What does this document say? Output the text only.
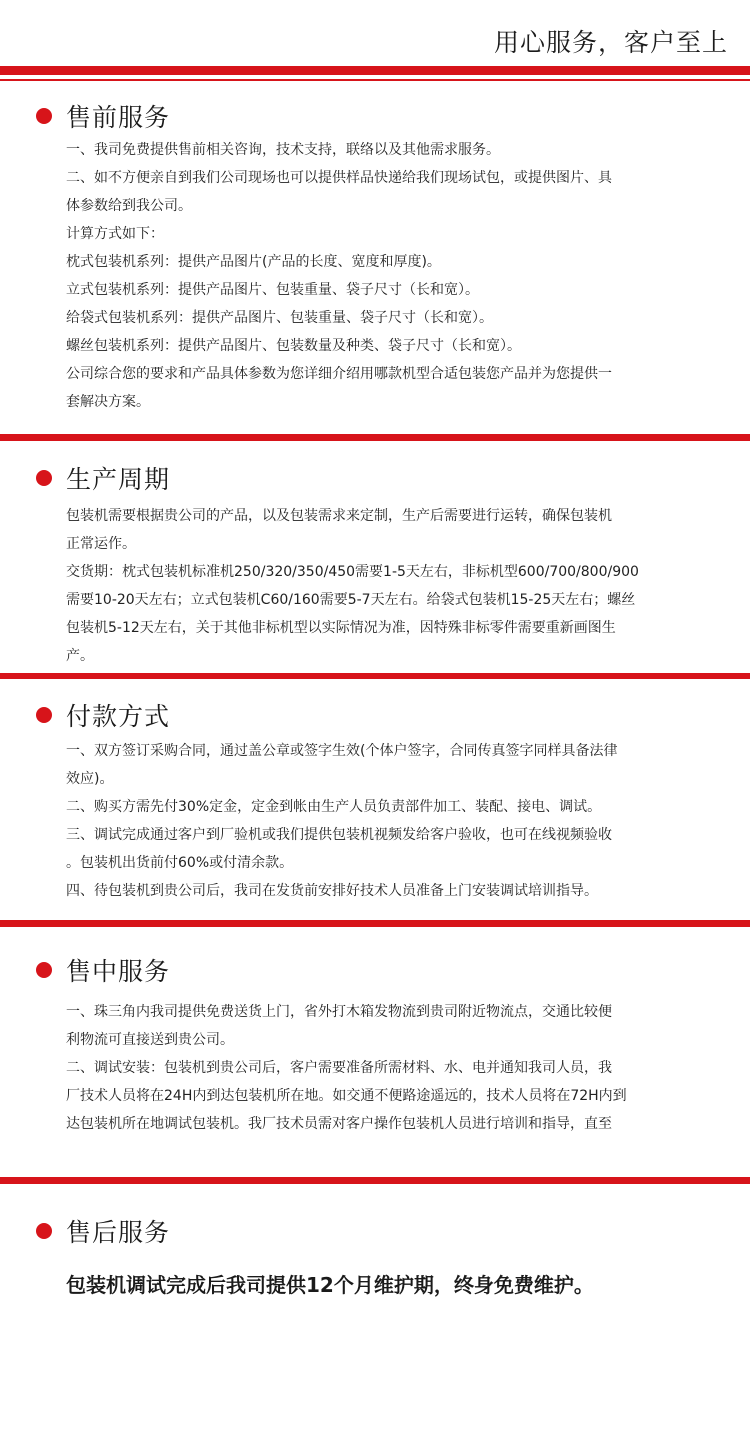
用心服务，客户至上
售前服务

一、我司免费提供售前相关咨询，技术支持，联络以及其他需求服务。

二、如不方便亲自到我们公司现场也可以提供样品快递给我们现场试包，或提供图片、具

体参数给到我公司。

计算方式如下：

枕式包装机系列：提供产品图片(产品的长度、宽度和厚度)。

立式包装机系列：提供产品图片、包装重量、袋子尺寸（长和宽）。

给袋式包装机系列：提供产品图片、包装重量、袋子尺寸（长和宽）。

螺丝包装机系列：提供产品图片、包装数量及种类、袋子尺寸（长和宽）。

公司综合您的要求和产品具体参数为您详细介绍用哪款机型合适包装您产品并为您提供一

套解决方案。

生产周期

包装机需要根据贵公司的产品，以及包装需求来定制，生产后需要进行运转，确保包装机

正常运作。

交货期：枕式包装机标准机250/320/350/450需要1-5天左右，非标机型600/700/800/900

需要10-20天左右；立式包装机C60/160需要5-7天左右。给袋式包装机15-25天左右；螺丝

包装机5-12天左右，关于其他非标机型以实际情况为准，因特殊非标零件需要重新画图生

产。

付款方式

一、双方签订采购合同，通过盖公章或签字生效(个体户签字，合同传真签字同样具备法律

效应)。

二、购买方需先付30%定金，定金到帐由生产人员负责部件加工、装配、接电、调试。

三、调试完成通过客户到厂验机或我们提供包装机视频发给客户验收，也可在线视频验收

。包装机出货前付60%或付清余款。

四、待包装机到贵公司后，我司在发货前安排好技术人员准备上门安装调试培训指导。

售中服务

一、珠三角内我司提供免费送货上门，省外打木箱发物流到贵司附近物流点，交通比较便

利物流可直接送到贵公司。

二、调试安装：包装机到贵公司后，客户需要准备所需材料、水、电并通知我司人员，我

厂技术人员将在24H内到达包装机所在地。如交通不便路途遥远的，技术人员将在72H内到

达包装机所在地调试包装机。我厂技术员需对客户操作包装机人员进行培训和指导，直至

售后服务
包装机调试完成后我司提供12个月维护期，终身免费维护。
